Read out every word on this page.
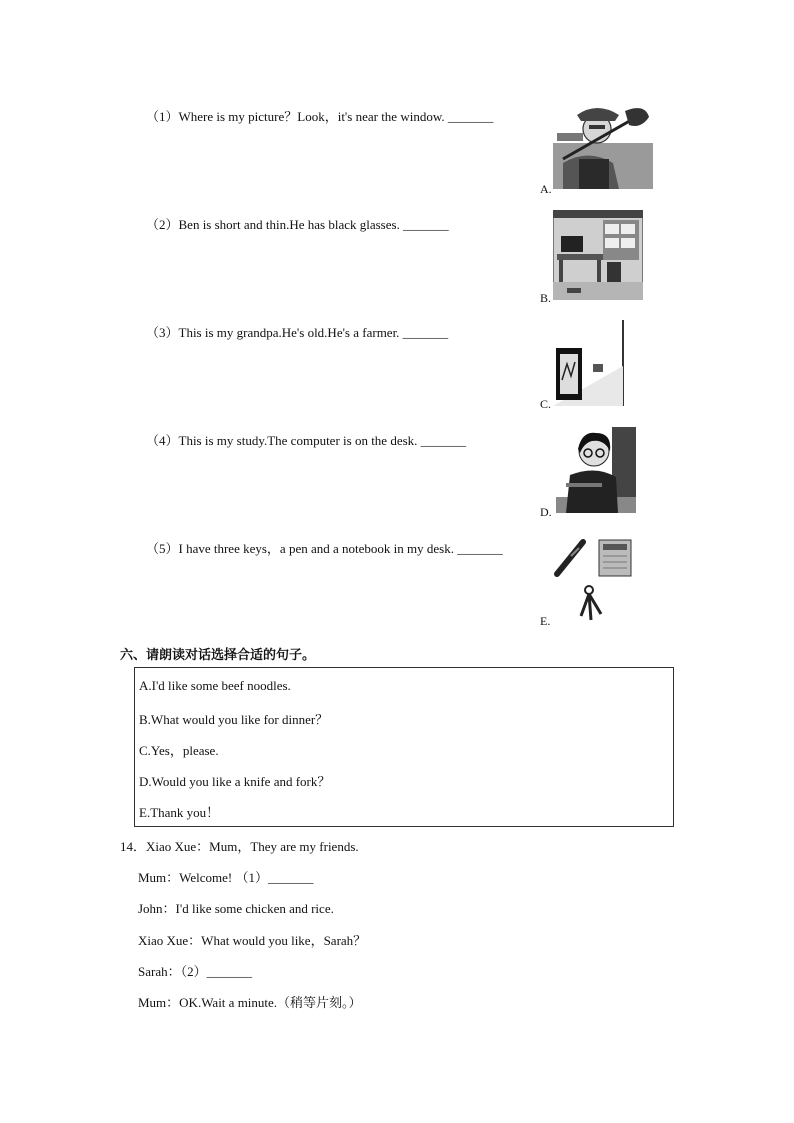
（1）Where is my picture？Look，it's near the window. _______
（2）Ben is short and thin.He has black glasses. _______
（3）This is my grandpa.He's old.He's a farmer. _______
（4）This is my study.The computer is on the desk. _______
（5）I have three keys，a pen and a notebook in my desk. _______
A.
B.
C.
D.
E.
六、请朗读对话选择合适的句子。
A.I'd like some beef noodles.
B.What would you like for dinner？
C.Yes，please.
D.Would you like a knife and fork？
E.Thank you！
14．Xiao Xue：Mum，They are my friends.
Mum：Welcome! （1）_______
John：I'd like some chicken and rice.
Xiao Xue：What would you like，Sarah？
Sarah：（2）_______
Mum：OK.Wait a minute.（稍等片刻。）
